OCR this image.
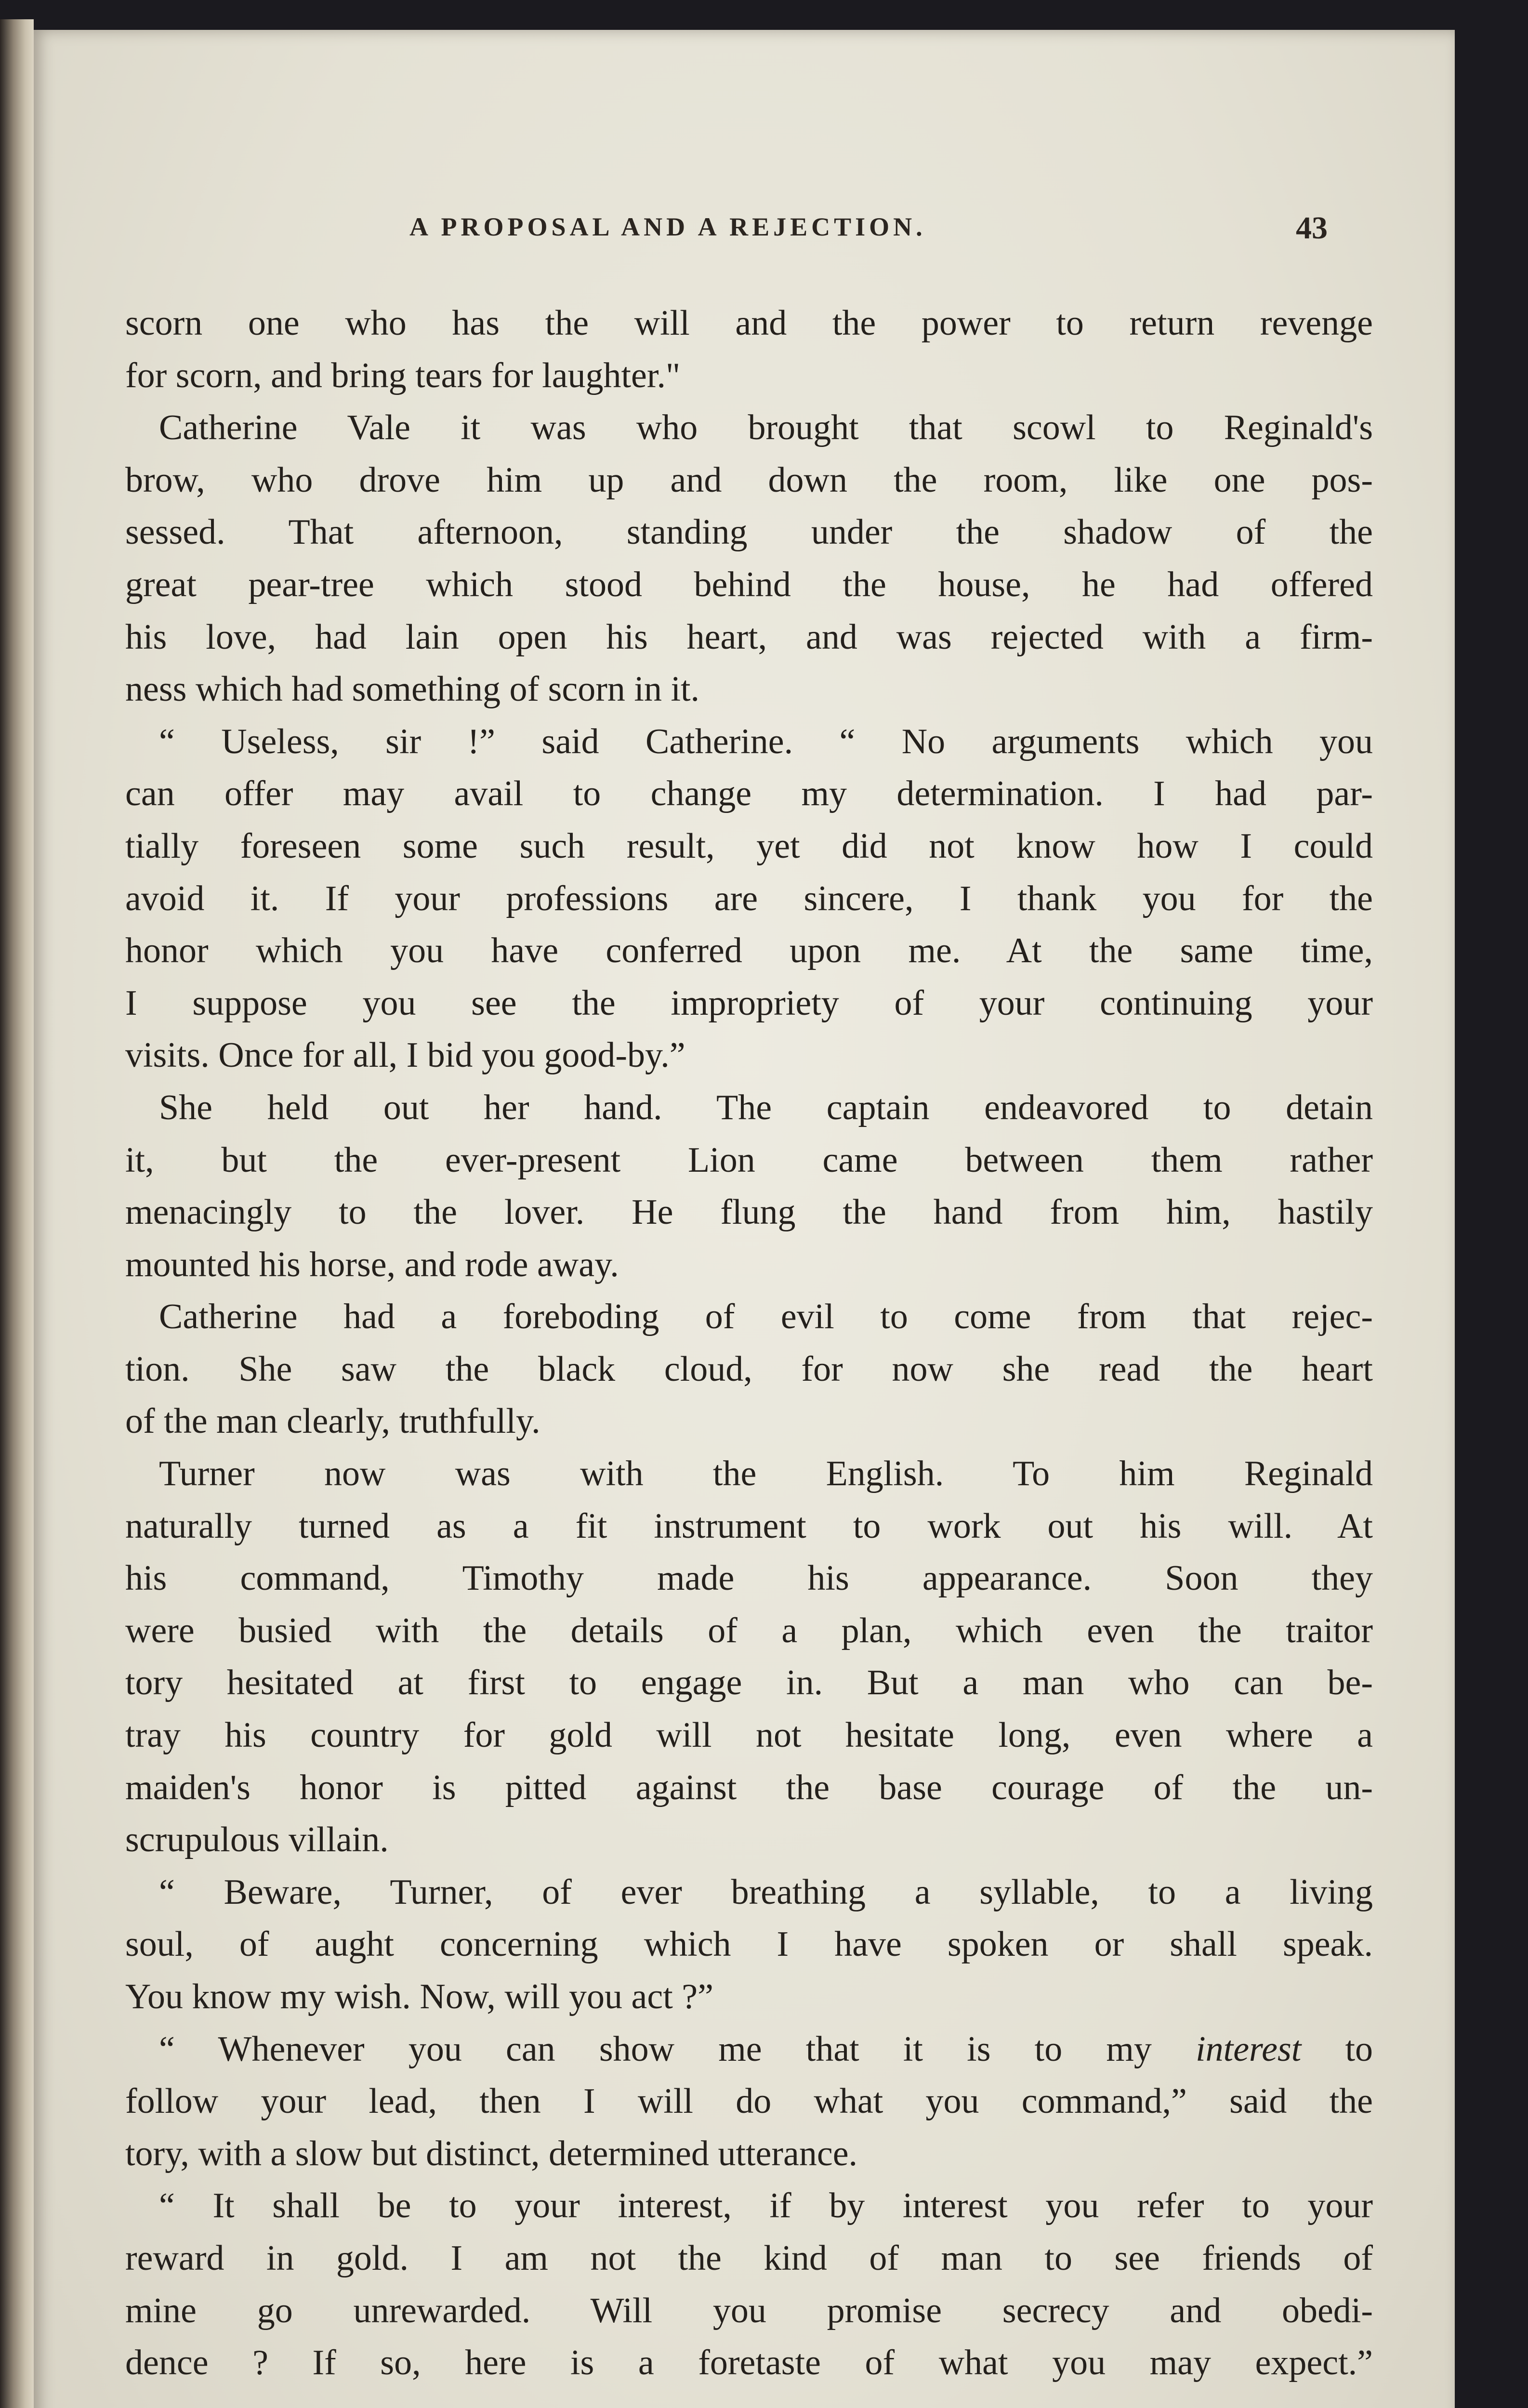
A PROPOSAL AND A REJECTION.	43
scorn one who has the will and the power to return revenge
for scorn, and bring tears for laughter."
Catherine Vale it was who brought that scowl to Reginald's
brow, who drove him up and down the room, like one pos-
sessed. That afternoon, standing under the shadow of the
great pear-tree which stood behind the house, he had offered
his love, had lain open his heart, and was rejected with a firm-
ness which had something of scorn in it.
“ Useless, sir !” said Catherine. “ No arguments which you
can offer may avail to change my determination. I had par-
tially foreseen some such result, yet did not know how I could
avoid it. If your professions are sincere, I thank you for the
honor which you have conferred upon me. At the same time,
I suppose you see the impropriety of your continuing your
visits. Once for all, I bid you good-by.”
She held out her hand. The captain endeavored to detain
it, but the ever-present Lion came between them rather
menacingly to the lover. He flung the hand from him, hastily
mounted his horse, and rode away.
Catherine had a foreboding of evil to come from that rejec-
tion. She saw the black cloud, for now she read the heart
of the man clearly, truthfully.
Turner now was with the English. To him Reginald
naturally turned as a fit instrument to work out his will. At
his command, Timothy made his appearance. Soon they
were busied with the details of a plan, which even the traitor
tory hesitated at first to engage in. But a man who can be-
tray his country for gold will not hesitate long, even where a
maiden's honor is pitted against the base courage of the un-
scrupulous villain.
“ Beware, Turner, of ever breathing a syllable, to a living
soul, of aught concerning which I have spoken or shall speak.
You know my wish. Now, will you act ?”
“ Whenever you can show me that it is to my interest to
follow your lead, then I will do what you command,” said the
tory, with a slow but distinct, determined utterance.
“ It shall be to your interest, if by interest you refer to your
reward in gold. I am not the kind of man to see friends of
mine go unrewarded. Will you promise secrecy and obedi-
dence ? If so, here is a foretaste of what you may expect.”
